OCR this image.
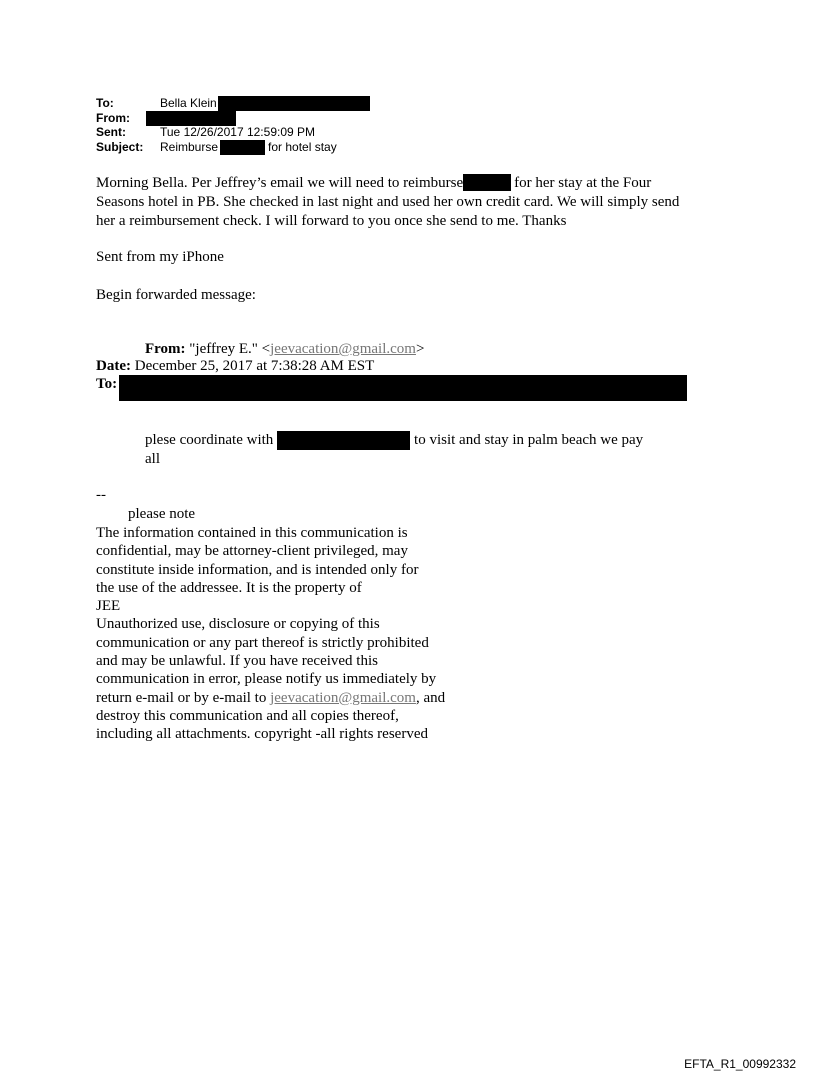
To:	Bella Klein
From:
Sent:	Tue 12/26/2017 12:59:09 PM
Subject: Reimburse	for hotel stay
Morning Bella. Per Jeffrey’s email we will need to reimburse	for her stay at the Four
Seasons hotel in PB. She checked in last night and used her own credit card. We will simply send
her a reimbursement check. I will forward to you once she send to me. Thanks
Sent from my iPhone
Begin forwarded message:
From: "jeffrey E." <jeevacation@gmail.com>
Date: December 25, 2017 at 7:38:28 AM EST
To:
plese coordinate with	to visit and stay in palm beach we pay
all
--
please note
The information contained in this communication is
confidential, may be attorney-client privileged, may
constitute inside information, and is intended only for
the use of the addressee. It is the property of
JEE
Unauthorized use, disclosure or copying of this
communication or any part thereof is strictly prohibited
and may be unlawful. If you have received this
communication in error, please notify us immediately by
return e-mail or by e-mail to jeevacation@gmail.com, and
destroy this communication and all copies thereof,
including all attachments. copyright -all rights reserved
EFTA_R1_00992332
